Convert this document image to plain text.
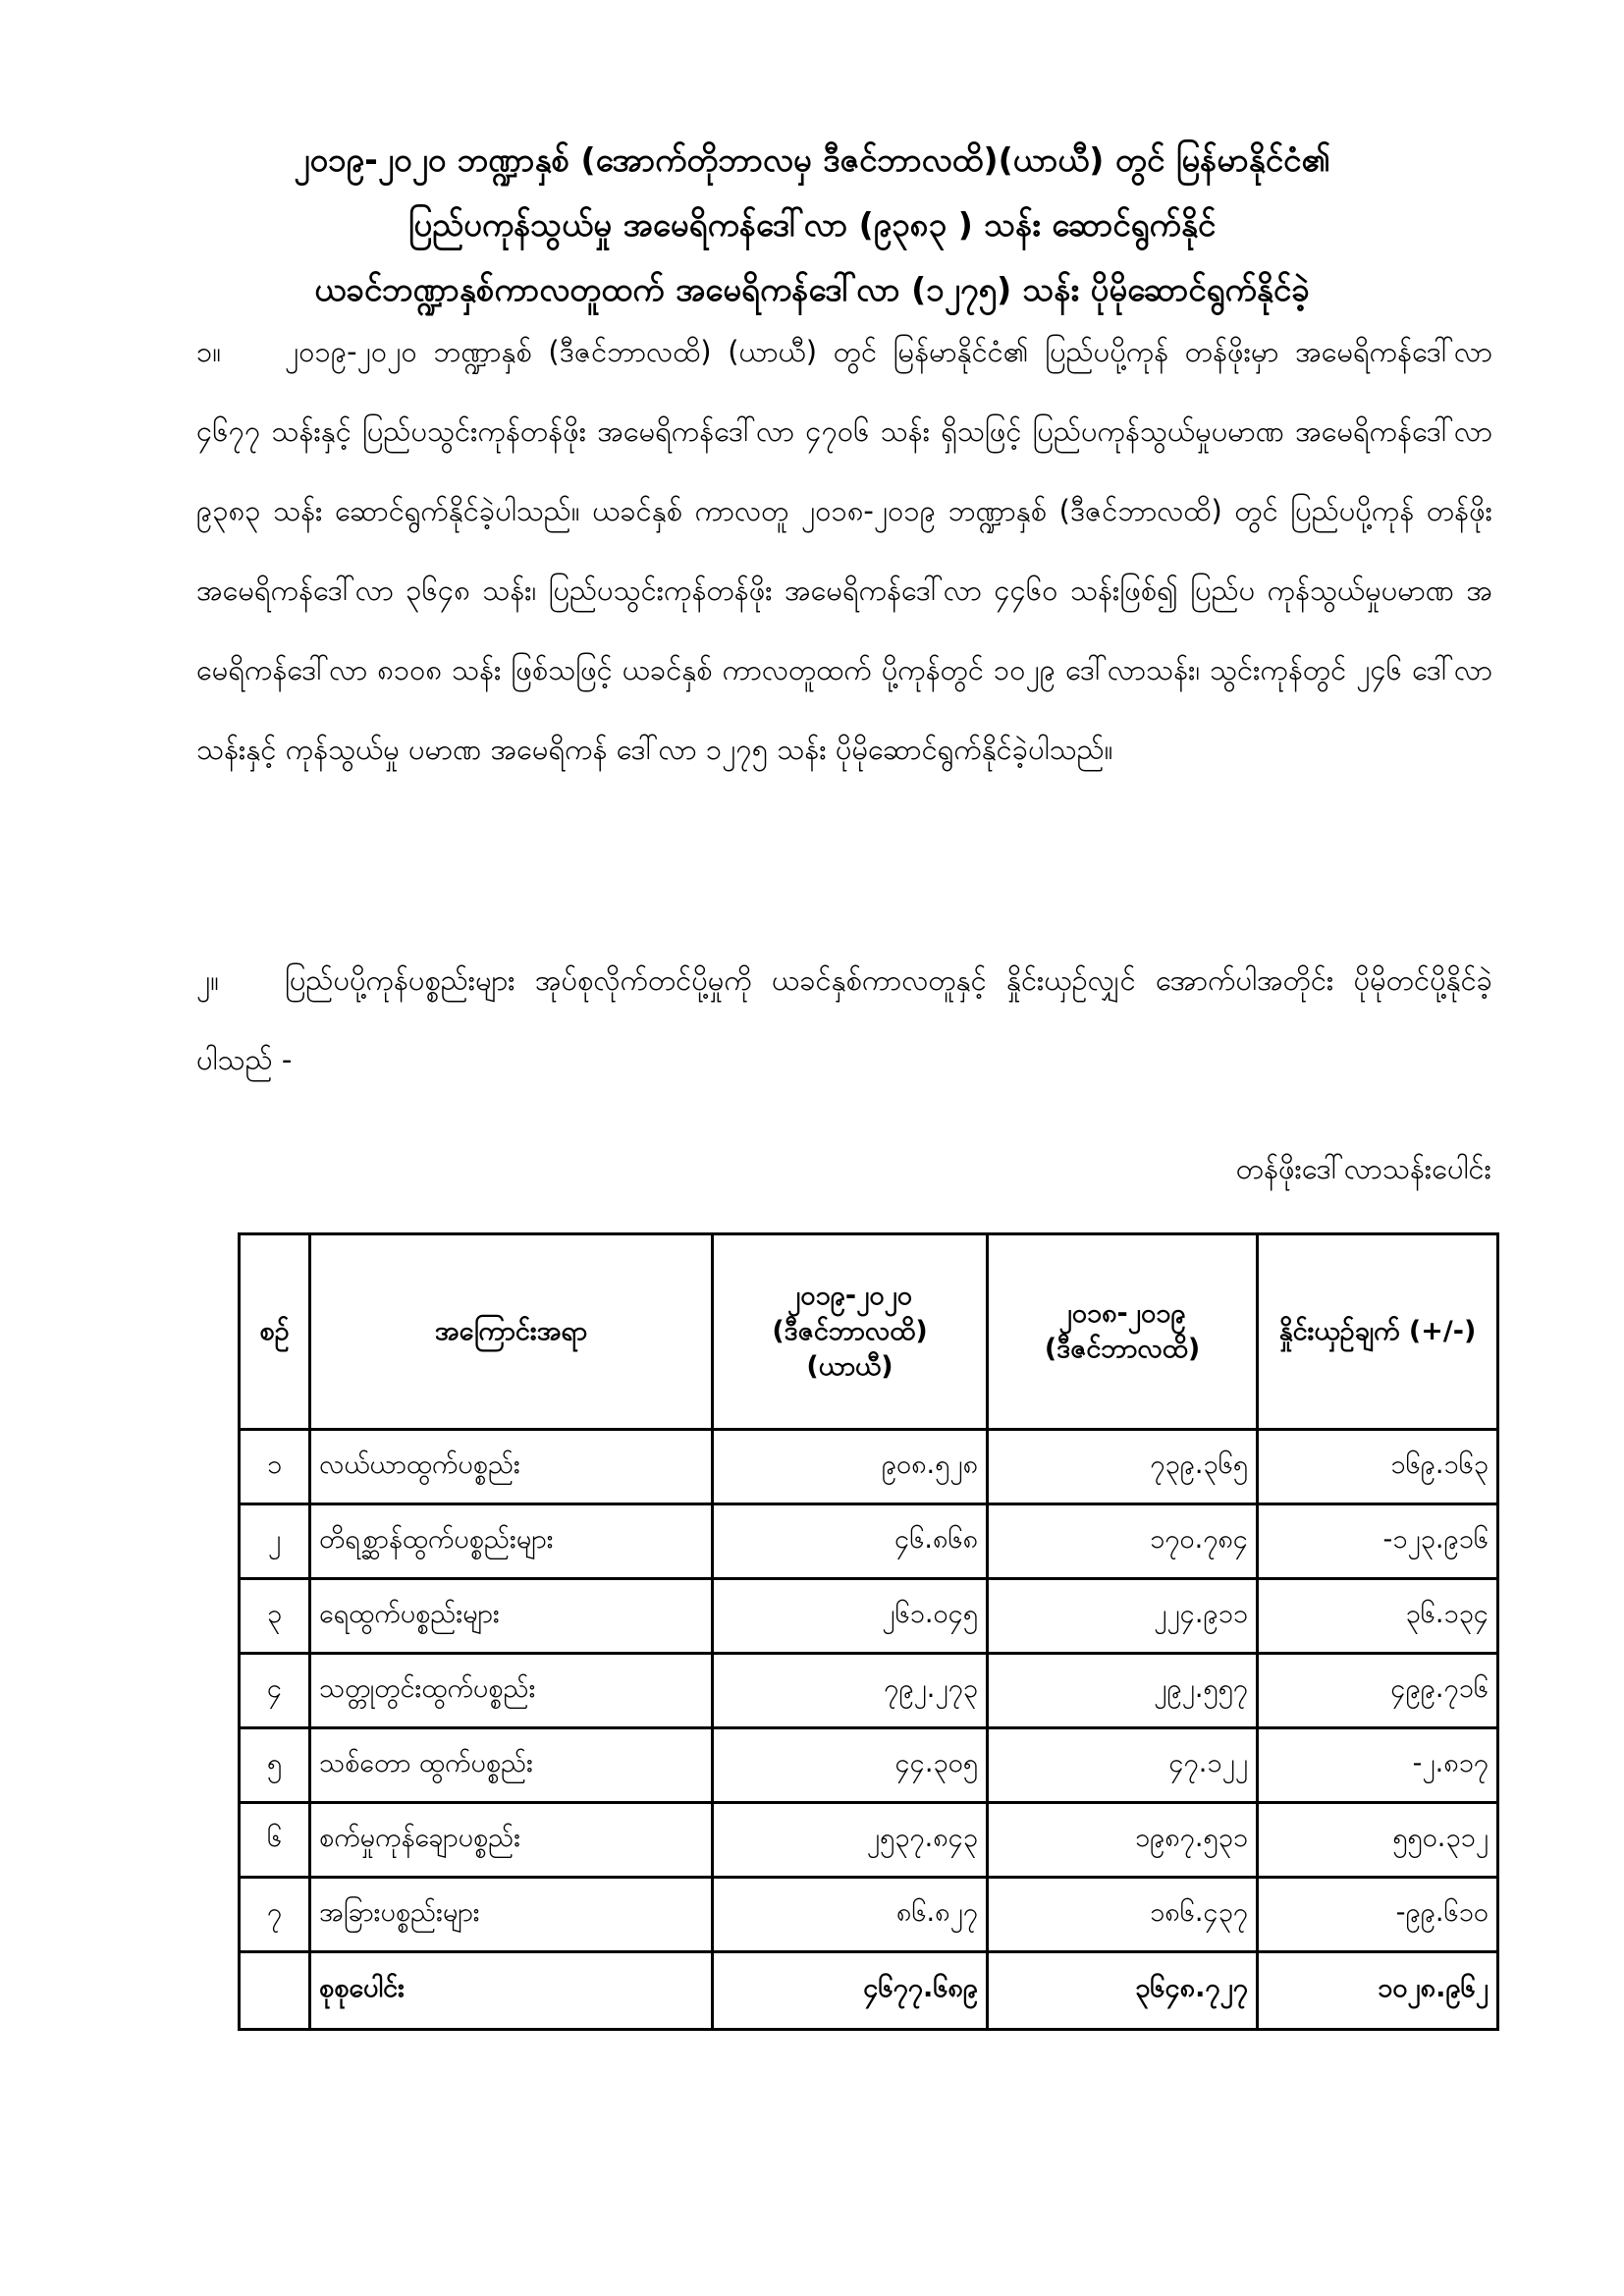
၂၀၁၉-၂၀၂၀ ဘဏ္ဍာနှစ် (အောက်တိုဘာလမှ ဒီဇင်ဘာလထိ)(ယာယီ) တွင် မြန်မာနိုင်ငံ၏
ပြည်ပကုန်သွယ်မှု အမေရိကန်ဒေါ်လာ (၉၃၈၃ ) သန်း ဆောင်ရွက်နိုင်
ယခင်ဘဏ္ဍာနှစ်ကာလတူထက် အမေရိကန်ဒေါ်လာ (၁၂၇၅) သန်း ပိုမိုဆောင်ရွက်နိုင်ခဲ့
၁။ ၂၀၁၉-၂၀၂၀ ဘဏ္ဍာနှစ် (ဒီဇင်ဘာလထိ) (ယာယီ) တွင် မြန်မာနိုင်ငံ၏ ပြည်ပပို့ကုန် တန်ဖိုးမှာ အမေရိကန်ဒေါ်လာ ၄၆၇၇ သန်းနှင့် ပြည်ပသွင်းကုန်တန်ဖိုး အမေရိကန်ဒေါ်လာ ၄၇၀၆ သန်း ရှိသဖြင့် ပြည်ပကုန်သွယ်မှုပမာဏ အမေရိကန်ဒေါ်လာ ၉၃၈၃ သန်း ဆောင်ရွက်နိုင်ခဲ့ပါသည်။ ယခင်နှစ် ကာလတူ ၂၀၁၈-၂၀၁၉ ဘဏ္ဍာနှစ် (ဒီဇင်ဘာလထိ) တွင် ပြည်ပပို့ကုန် တန်ဖိုး အမေရိကန်ဒေါ်လာ ၃၆၄၈ သန်း၊ ပြည်ပသွင်းကုန်တန်ဖိုး အမေရိကန်ဒေါ်လာ ၄၄၆၀ သန်းဖြစ်၍ ပြည်ပ ကုန်သွယ်မှုပမာဏ အမေရိကန်ဒေါ်လာ ၈၁၀၈ သန်း ဖြစ်သဖြင့် ယခင်နှစ် ကာလတူထက် ပို့ကုန်တွင် ၁၀၂၉ ဒေါ်လာသန်း၊ သွင်းကုန်တွင် ၂၄၆ ဒေါ်လာသန်းနှင့် ကုန်သွယ်မှု ပမာဏ အမေရိကန် ဒေါ်လာ ၁၂၇၅ သန်း ပိုမိုဆောင်ရွက်နိုင်ခဲ့ပါသည်။
၂။ ပြည်ပပို့ကုန်ပစ္စည်းများ အုပ်စုလိုက်တင်ပို့မှုကို ယခင်နှစ်ကာလတူနှင့် နှိုင်းယှဉ်လျှင် အောက်ပါအတိုင်း ပိုမိုတင်ပို့နိုင်ခဲ့ပါသည် -
တန်ဖိုးဒေါ်လာသန်းပေါင်း
စဉ်	အကြောင်းအရာ	၂၀၁၉-၂၀၂၀
(ဒီဇင်ဘာလထိ)
(ယာယီ)	၂၀၁၈-၂၀၁၉
(ဒီဇင်ဘာလထိ)	နှိုင်းယှဉ်ချက် (+/-)
၁	လယ်ယာထွက်ပစ္စည်း	၉၀၈.၅၂၈	၇၃၉.၃၆၅	၁၆၉.၁၆၃
၂	တိရစ္ဆာန်ထွက်ပစ္စည်းများ	၄၆.၈၆၈	၁၇၀.၇၈၄	-၁၂၃.၉၁၆
၃	ရေထွက်ပစ္စည်းများ	၂၆၁.၀၄၅	၂၂၄.၉၁၁	၃၆.၁၃၄
၄	သတ္တုတွင်းထွက်ပစ္စည်း	၇၉၂.၂၇၃	၂၉၂.၅၅၇	၄၉၉.၇၁၆
၅	သစ်တော ထွက်ပစ္စည်း	၄၄.၃၀၅	၄၇.၁၂၂	-၂.၈၁၇
၆	စက်မှုကုန်ချောပစ္စည်း	၂၅၃၇.၈၄၃	၁၉၈၇.၅၃၁	၅၅၀.၃၁၂
၇	အခြားပစ္စည်းများ	၈၆.၈၂၇	၁၈၆.၄၃၇	-၉၉.၆၁၀
	စုစုပေါင်း	၄၆၇၇.၆၈၉	၃၆၄၈.၇၂၇	၁၀၂၈.၉၆၂
